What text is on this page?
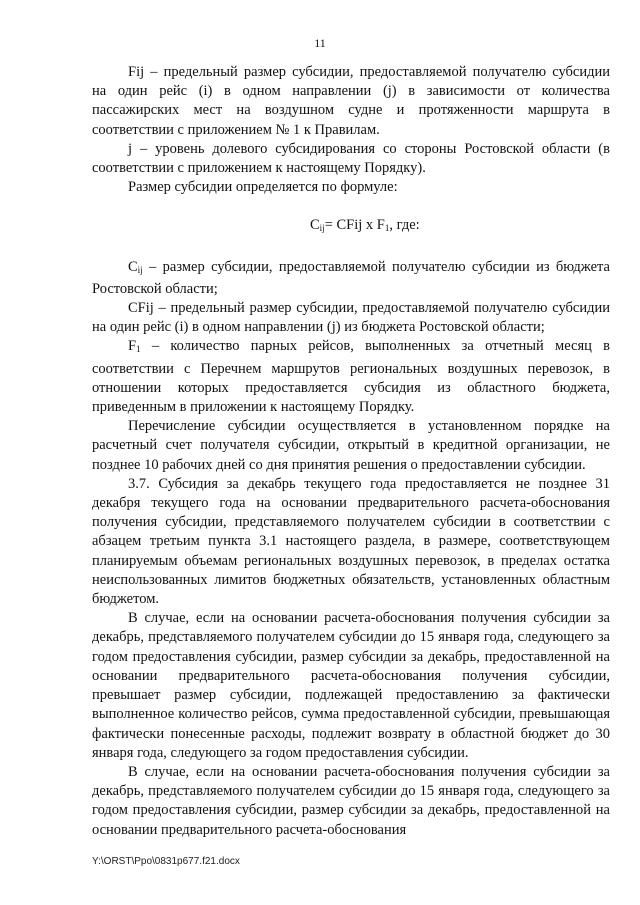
11

Fij – предельный размер субсидии, предоставляемой получателю субсидии на один рейс (i) в одном направлении (j) в зависимости от количества пассажирских мест на воздушном судне и протяженности маршрута в соответствии с приложением № 1 к Правилам.

j – уровень долевого субсидирования со стороны Ростовской области (в соответствии с приложением к настоящему Порядку).

Размер субсидии определяется по формуле:

$C_{ij}=$ CFij x $F_1$, где:

$C_{ij}$ – размер субсидии, предоставляемой получателю субсидии из бюджета Ростовской области;

CFij – предельный размер субсидии, предоставляемой получателю субсидии на один рейс (i) в одном направлении (j) из бюджета Ростовской области;

$F_1$ – количество парных рейсов, выполненных за отчетный месяц в соответствии с Перечнем маршрутов региональных воздушных перевозок, в отношении которых предоставляется субсидия из областного бюджета, приведенным в приложении к настоящему Порядку.

Перечисление субсидии осуществляется в установленном порядке на расчетный счет получателя субсидии, открытый в кредитной организации, не позднее 10 рабочих дней со дня принятия решения о предоставлении субсидии.

3.7. Субсидия за декабрь текущего года предоставляется не позднее 31 декабря текущего года на основании предварительного расчета-обоснования получения субсидии, представляемого получателем субсидии в соответствии с абзацем третьим пункта 3.1 настоящего раздела, в размере, соответствующем планируемым объемам региональных воздушных перевозок, в пределах остатка неиспользованных лимитов бюджетных обязательств, установленных областным бюджетом.

В случае, если на основании расчета-обоснования получения субсидии за декабрь, представляемого получателем субсидии до 15 января года, следующего за годом предоставления субсидии, размер субсидии за декабрь, предоставленной на основании предварительного расчета-обоснования получения субсидии, превышает размер субсидии, подлежащей предоставлению за фактически выполненное количество рейсов, сумма предоставленной субсидии, превышающая фактически понесенные расходы, подлежит возврату в областной бюджет до 30 января года, следующего за годом предоставления субсидии.

В случае, если на основании расчета-обоснования получения субсидии за декабрь, представляемого получателем субсидии до 15 января года, следующего за годом предоставления субсидии, размер субсидии за декабрь, предоставленной на основании предварительного расчета-обоснования

Y:\ORST\Ppo\0831p677.f21.docx
